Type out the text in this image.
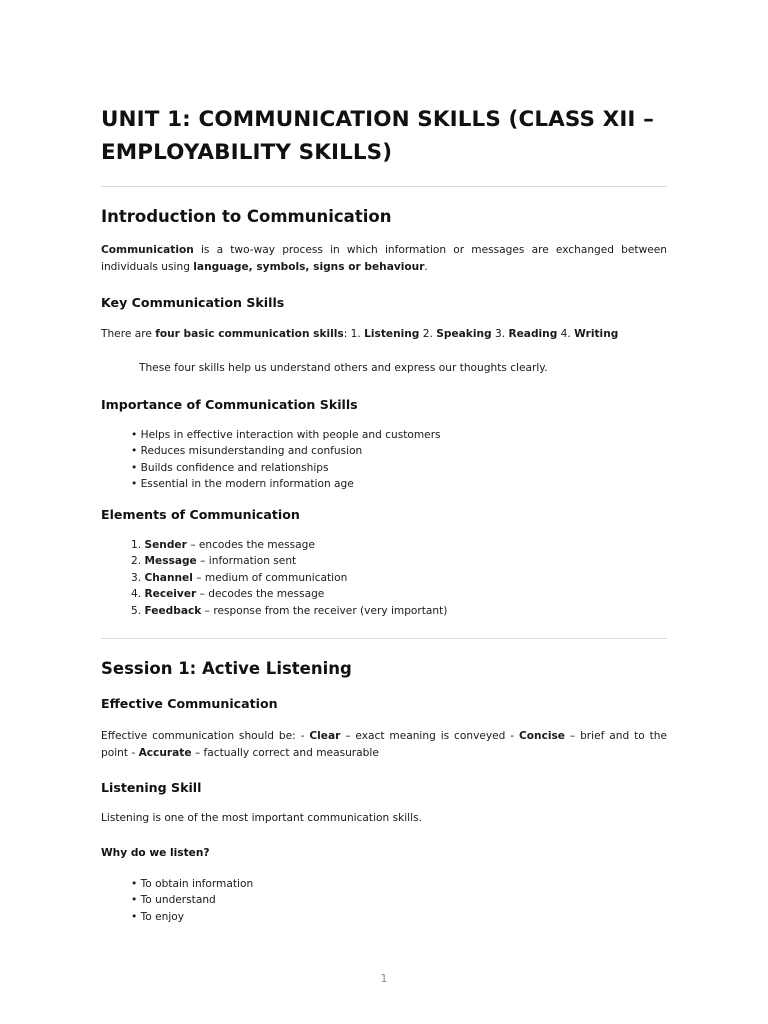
UNIT 1: COMMUNICATION SKILLS (CLASS XII – EMPLOYABILITY SKILLS)
Introduction to Communication

Communication is a two-way process in which information or messages are exchanged between individuals using language, symbols, signs or behaviour.

Key Communication Skills

There are four basic communication skills: 1. Listening 2. Speaking 3. Reading 4. Writing

These four skills help us understand others and express our thoughts clearly.

Importance of Communication Skills
• Helps in effective interaction with people and customers
• Reduces misunderstanding and confusion
• Builds confidence and relationships
• Essential in the modern information age
Elements of Communication
1. Sender – encodes the message
2. Message – information sent
3. Channel – medium of communication
4. Receiver – decodes the message
5. Feedback – response from the receiver (very important)
Session 1: Active Listening
Effective Communication

Effective communication should be: - Clear – exact meaning is conveyed - Concise – brief and to the point - Accurate – factually correct and measurable

Listening Skill

Listening is one of the most important communication skills.

Why do we listen?
• To obtain information
• To understand
• To enjoy
1
